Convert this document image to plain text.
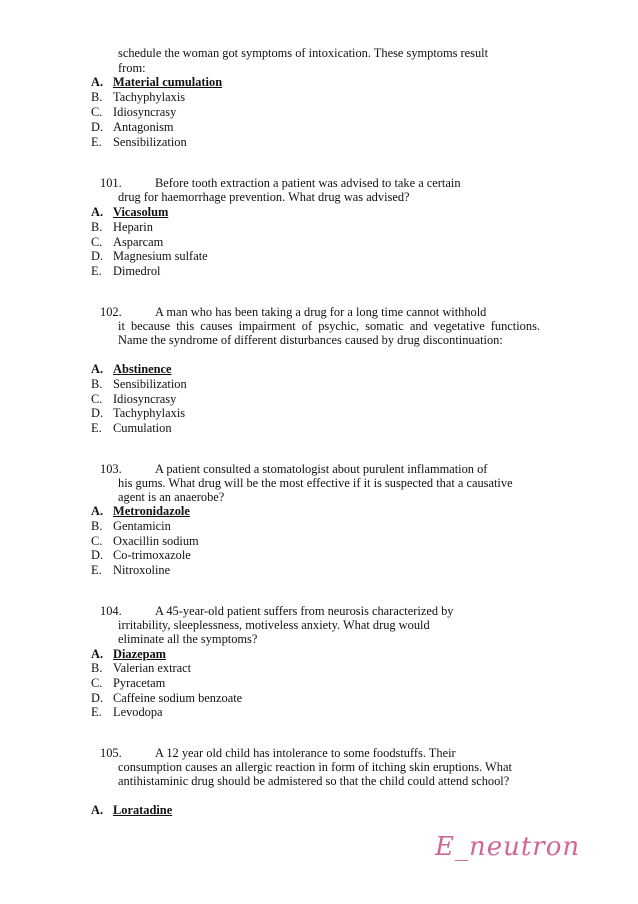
schedule the woman got symptoms of intoxication. These symptoms result
from:
A. Material cumulation
B. Tachyphylaxis
C. Idiosyncrasy
D. Antagonism
E. Sensibilization
101.	Before tooth extraction a patient was advised to take a certain
drug for haemorrhage prevention. What drug was advised?
A. Vicasolum
B. Heparin
C. Asparcam
D. Magnesium sulfate
E. Dimedrol
102.	A man who has been taking a drug for a long time cannot withhold
it because this causes impairment of psychic, somatic and vegetative functions. Name the syndrome of different disturbances caused by drug discontinuation:
A. Abstinence
B. Sensibilization
C. Idiosyncrasy
D. Tachyphylaxis
E. Cumulation
103.	A patient consulted a stomatologist about purulent inflammation of
his gums. What drug will be the most effective if it is suspected that a causative agent is an anaerobe?
A. Metronidazole
B. Gentamicin
C. Oxacillin sodium
D. Co-trimoxazole
E. Nitroxoline
104.	A 45-year-old patient suffers from neurosis characterized by
irritability, sleeplessness, motiveless anxiety. What drug would eliminate all the symptoms?
A. Diazepam
B. Valerian extract
C. Pyracetam
D. Caffeine sodium benzoate
E. Levodopa
105.	A 12 year old child has intolerance to some foodstuffs. Their
consumption causes an allergic reaction in form of itching skin eruptions. What antihistaminic drug should be admistered so that the child could attend school?
A. Loratadine
E_neutron
